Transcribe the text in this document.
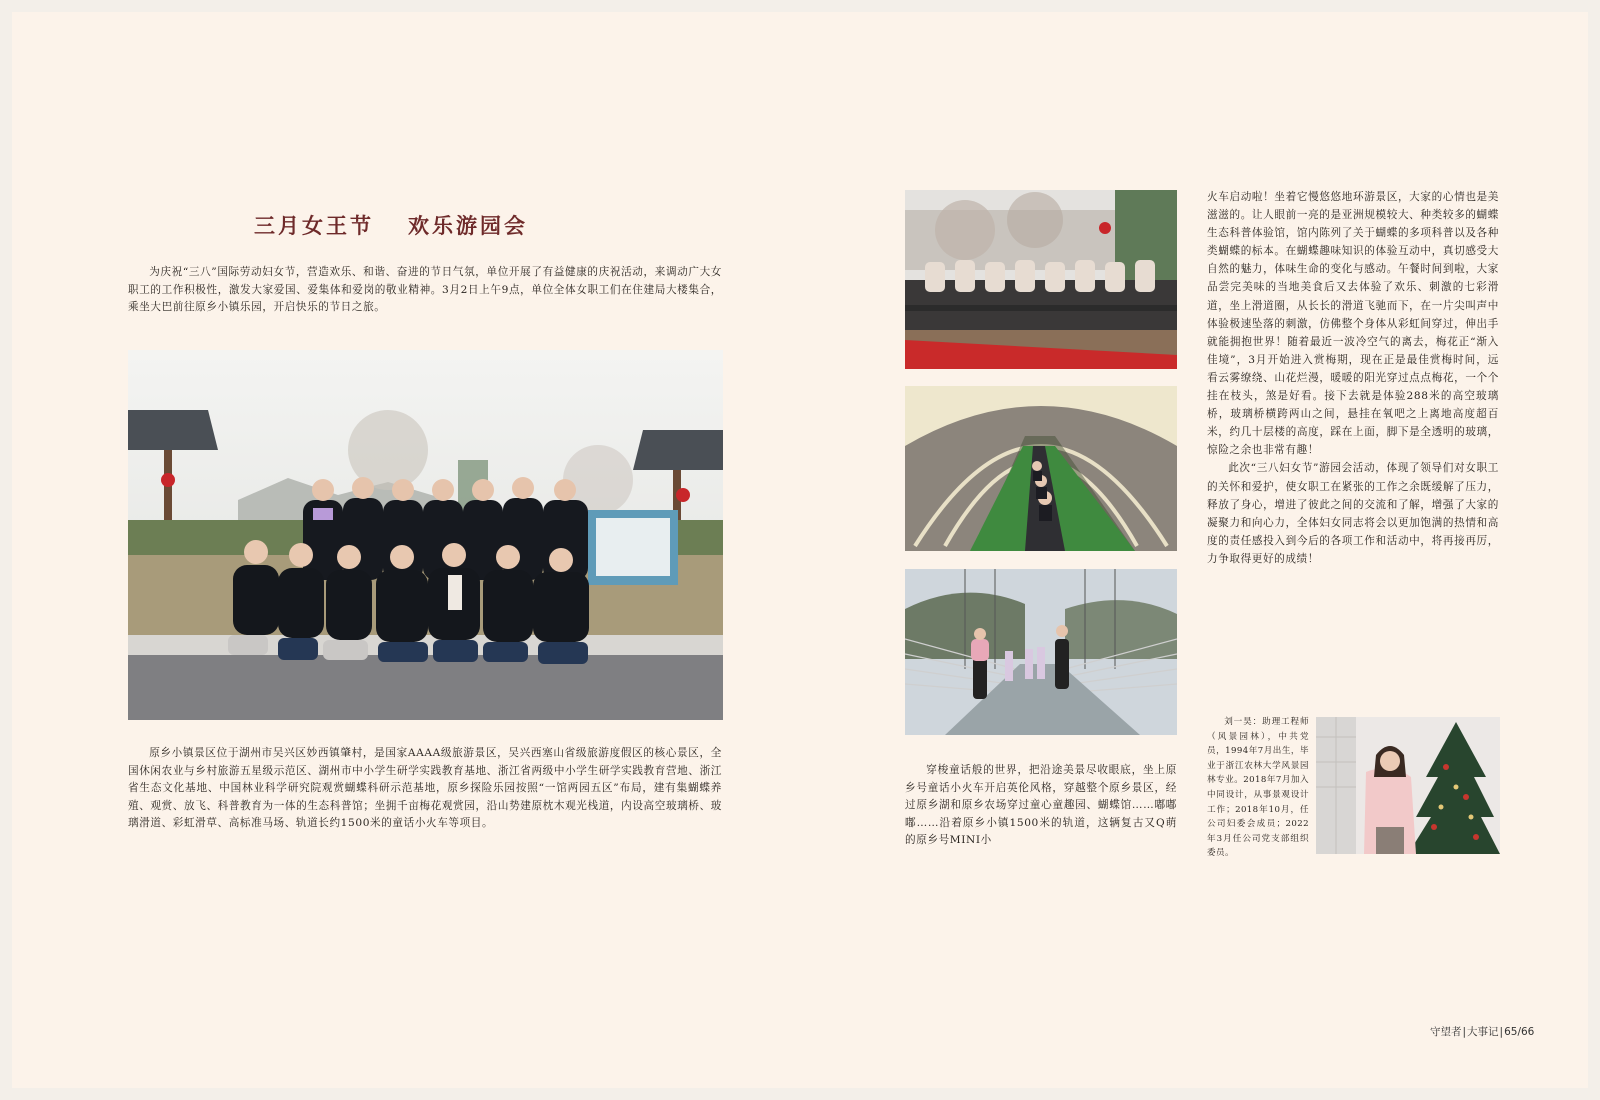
三月女王节 欢乐游园会

为庆祝“三八”国际劳动妇女节，营造欢乐、和谐、奋进的节日气氛，单位开展了有益健康的庆祝活动，来调动广大女职工的工作积极性，激发大家爱国、爱集体和爱岗的敬业精神。3月2日上午9点，单位全体女职工们在住建局大楼集合，乘坐大巴前往原乡小镇乐园，开启快乐的节日之旅。

原乡小镇景区位于湖州市吴兴区妙西镇肇村，是国家AAAA级旅游景区，吴兴西塞山省级旅游度假区的核心景区，全国休闲农业与乡村旅游五星级示范区、湖州市中小学生研学实践教育基地、浙江省两级中小学生研学实践教育营地、浙江省生态文化基地、中国林业科学研究院观赏蝴蝶科研示范基地，原乡探险乐园按照“一馆两园五区”布局，建有集蝴蝶养殖、观赏、放飞、科普教育为一体的生态科普馆；坐拥千亩梅花观赏园，沿山势建原枕木观光栈道，内设高空玻璃桥、玻璃滑道、彩虹滑草、高标准马场、轨道长约1500米的童话小火车等项目。

穿梭童话般的世界，把沿途美景尽收眼底，坐上原乡号童话小火车开启英伦风格，穿越整个原乡景区，经过原乡湖和原乡农场穿过童心童趣园、蝴蝶馆……嘟嘟嘟……沿着原乡小镇1500米的轨道，这辆复古又Q萌的原乡号MINI小

火车启动啦！坐着它慢悠悠地环游景区，大家的心情也是美滋滋的。让人眼前一亮的是亚洲规模较大、种类较多的蝴蝶生态科普体验馆，馆内陈列了关于蝴蝶的多项科普以及各种类蝴蝶的标本。在蝴蝶趣味知识的体验互动中，真切感受大自然的魅力，体味生命的变化与感动。午餐时间到啦，大家品尝完美味的当地美食后又去体验了欢乐、刺激的七彩滑道，坐上滑道圈，从长长的滑道飞驰而下，在一片尖叫声中体验极速坠落的刺激，仿佛整个身体从彩虹间穿过，伸出手就能拥抱世界！随着最近一波冷空气的离去，梅花正“渐入佳境”，3月开始进入赏梅期，现在正是最佳赏梅时间，远看云雾缭绕、山花烂漫，暖暖的阳光穿过点点梅花，一个个挂在枝头，煞是好看。接下去就是体验288米的高空玻璃桥，玻璃桥横跨两山之间，悬挂在氧吧之上离地高度超百米，约几十层楼的高度，踩在上面，脚下是全透明的玻璃，惊险之余也非常有趣！
此次“三八妇女节”游园会活动，体现了领导们对女职工的关怀和爱护，使女职工在紧张的工作之余既缓解了压力，释放了身心，增进了彼此之间的交流和了解，增强了大家的凝聚力和向心力，全体妇女同志将会以更加饱满的热情和高度的责任感投入到今后的各项工作和活动中，将再接再厉，力争取得更好的成绩！

刘一昊：助理工程师（风景园林），中共党员，1994年7月出生，毕业于浙江农林大学风景园林专业。2018年7月加入中同设计，从事景观设计工作；2018年10月，任公司妇委会成员；2022年3月任公司党支部组织委员。

守望者|大事记|65/66
